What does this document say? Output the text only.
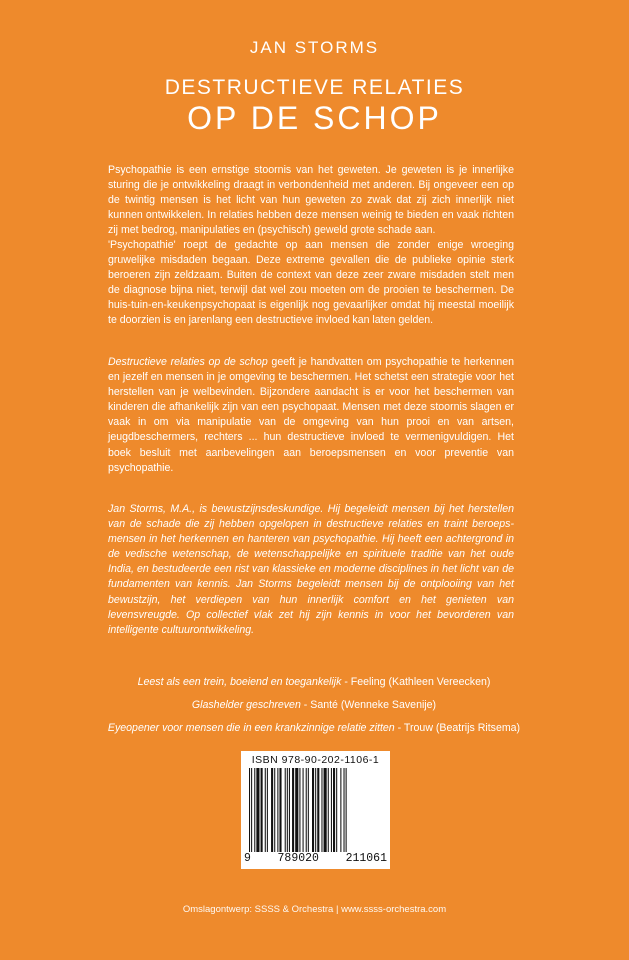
JAN STORMS
DESTRUCTIEVE RELATIES
OP DE SCHOP

Psychopathie is een ernstige stoornis van het geweten. Je geweten is je innerlijke sturing die je ontwikkeling draagt in verbondenheid met anderen. Bij ongeveer een op de twintig mensen is het licht van hun geweten zo zwak dat zij zich innerlijk niet kunnen ontwikkelen. In relaties hebben deze mensen weinig te bieden en vaak richten zij met bedrog, manipulaties en (psychisch) geweld grote schade aan.

'Psychopathie' roept de gedachte op aan mensen die zonder enige wroeging gruwelijke misdaden begaan. Deze extreme gevallen die de publieke opinie sterk beroeren zijn zeldzaam. Buiten de context van deze zeer zware misdaden stelt men de diagnose bijna niet, terwijl dat wel zou moeten om de prooien te beschermen. De huis-tuin-en-keukenpsychopaat is eigenlijk nog gevaarlijker omdat hij meestal moeilijk te doorzien is en jarenlang een destructieve invloed kan laten gelden.

Destructieve relaties op de schop geeft je handvatten om psychopathie te herkennen en jezelf en mensen in je omgeving te beschermen. Het schetst een strategie voor het herstellen van je welbevinden. Bijzondere aandacht is er voor het beschermen van kinderen die afhankelijk zijn van een psychopaat. Mensen met deze stoornis slagen er vaak in om via manipulatie van de omgeving van hun prooi en van artsen, jeugdbeschermers, rechters ... hun destructieve invloed te vermenigvuldigen. Het boek besluit met aanbevelingen aan beroepsmensen en voor preventie van psychopathie.

Jan Storms, M.A., is bewustzijnsdeskundige. Hij begeleidt mensen bij het herstellen van de schade die zij hebben opgelopen in destructieve relaties en traint beroeps-mensen in het herkennen en hanteren van psychopathie. Hij heeft een achtergrond in de vedische wetenschap, de wetenschappelijke en spirituele traditie van het oude India, en bestudeerde een rist van klassieke en moderne disciplines in het licht van de fundamenten van kennis. Jan Storms begeleidt mensen bij de ontplooiing van het bewustzijn, het verdiepen van hun innerlijk comfort en het genieten van levensvreugde. Op collectief vlak zet hij zijn kennis in voor het bevorderen van intelligente cultuurontwikkeling.

Leest als een trein, boeiend en toegankelijk - Feeling (Kathleen Vereecken)
Glashelder geschreven - Santé (Wenneke Savenije)
Eyeopener voor mensen die in een krankzinnige relatie zitten - Trouw (Beatrijs Ritsema)
ISBN 978-90-202-1106-1
9 789020 211061
Omslagontwerp: SSSS & Orchestra | www.ssss-orchestra.com
